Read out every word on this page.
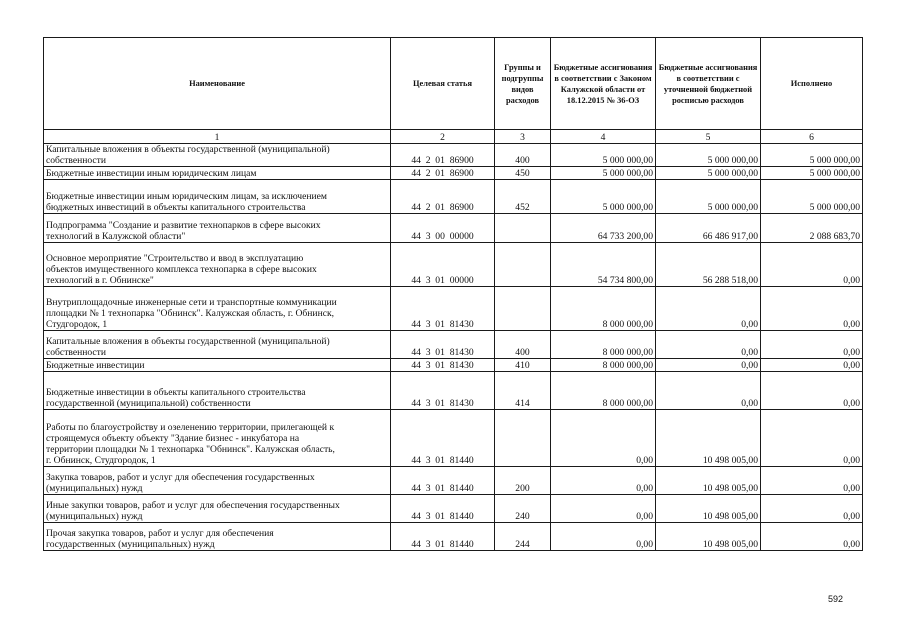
Наименование	Целевая статья	Группы и подгруппы видов расходов	Бюджетные ассигнования в соответствии с Законом Калужской области от 18.12.2015 № 36-ОЗ	Бюджетные ассигнования в соответствии с уточненной бюджетной росписью расходов	Исполнено
1	2	3	4	5	6
Капитальные вложения в объекты государственной (муниципальной)
собственности	44  2  01  86900	400	5 000 000,00	5 000 000,00	5 000 000,00
Бюджетные инвестиции иным юридическим лицам	44  2  01  86900	450	5 000 000,00	5 000 000,00	5 000 000,00
Бюджетные инвестиции иным юридическим лицам, за исключением
бюджетных инвестиций в объекты капитального строительства	44  2  01  86900	452	5 000 000,00	5 000 000,00	5 000 000,00
Подпрограмма "Создание и развитие технопарков в сфере высоких
технологий в Калужской области"	44  3  00  00000		64 733 200,00	66 486 917,00	2 088 683,70
Основное мероприятие "Строительство и ввод в эксплуатацию
объектов имущественного комплекса технопарка в сфере высоких
технологий в г. Обнинске"	44  3  01  00000		54 734 800,00	56 288 518,00	0,00
Внутриплощадочные инженерные сети и транспортные коммуникации
площадки № 1 технопарка "Обнинск". Калужская область, г. Обнинск,
Студгородок, 1	44  3  01  81430		8 000 000,00	0,00	0,00
Капитальные вложения в объекты государственной (муниципальной)
собственности	44  3  01  81430	400	8 000 000,00	0,00	0,00
Бюджетные инвестиции	44  3  01  81430	410	8 000 000,00	0,00	0,00
Бюджетные инвестиции в объекты капитального строительства
государственной (муниципальной) собственности	44  3  01  81430	414	8 000 000,00	0,00	0,00
Работы по благоустройству и озеленению территории, прилегающей к
строящемуся объекту объекту "Здание бизнес - инкубатора на
территории площадки № 1 технопарка "Обнинск". Калужская область,
г. Обнинск, Студгородок, 1	44  3  01  81440		0,00	10 498 005,00	0,00
Закупка товаров, работ и услуг для обеспечения государственных
(муниципальных) нужд	44  3  01  81440	200	0,00	10 498 005,00	0,00
Иные закупки товаров, работ и услуг для обеспечения государственных
(муниципальных) нужд	44  3  01  81440	240	0,00	10 498 005,00	0,00
Прочая закупка товаров, работ и услуг для обеспечения
государственных (муниципальных) нужд	44  3  01  81440	244	0,00	10 498 005,00	0,00
592
